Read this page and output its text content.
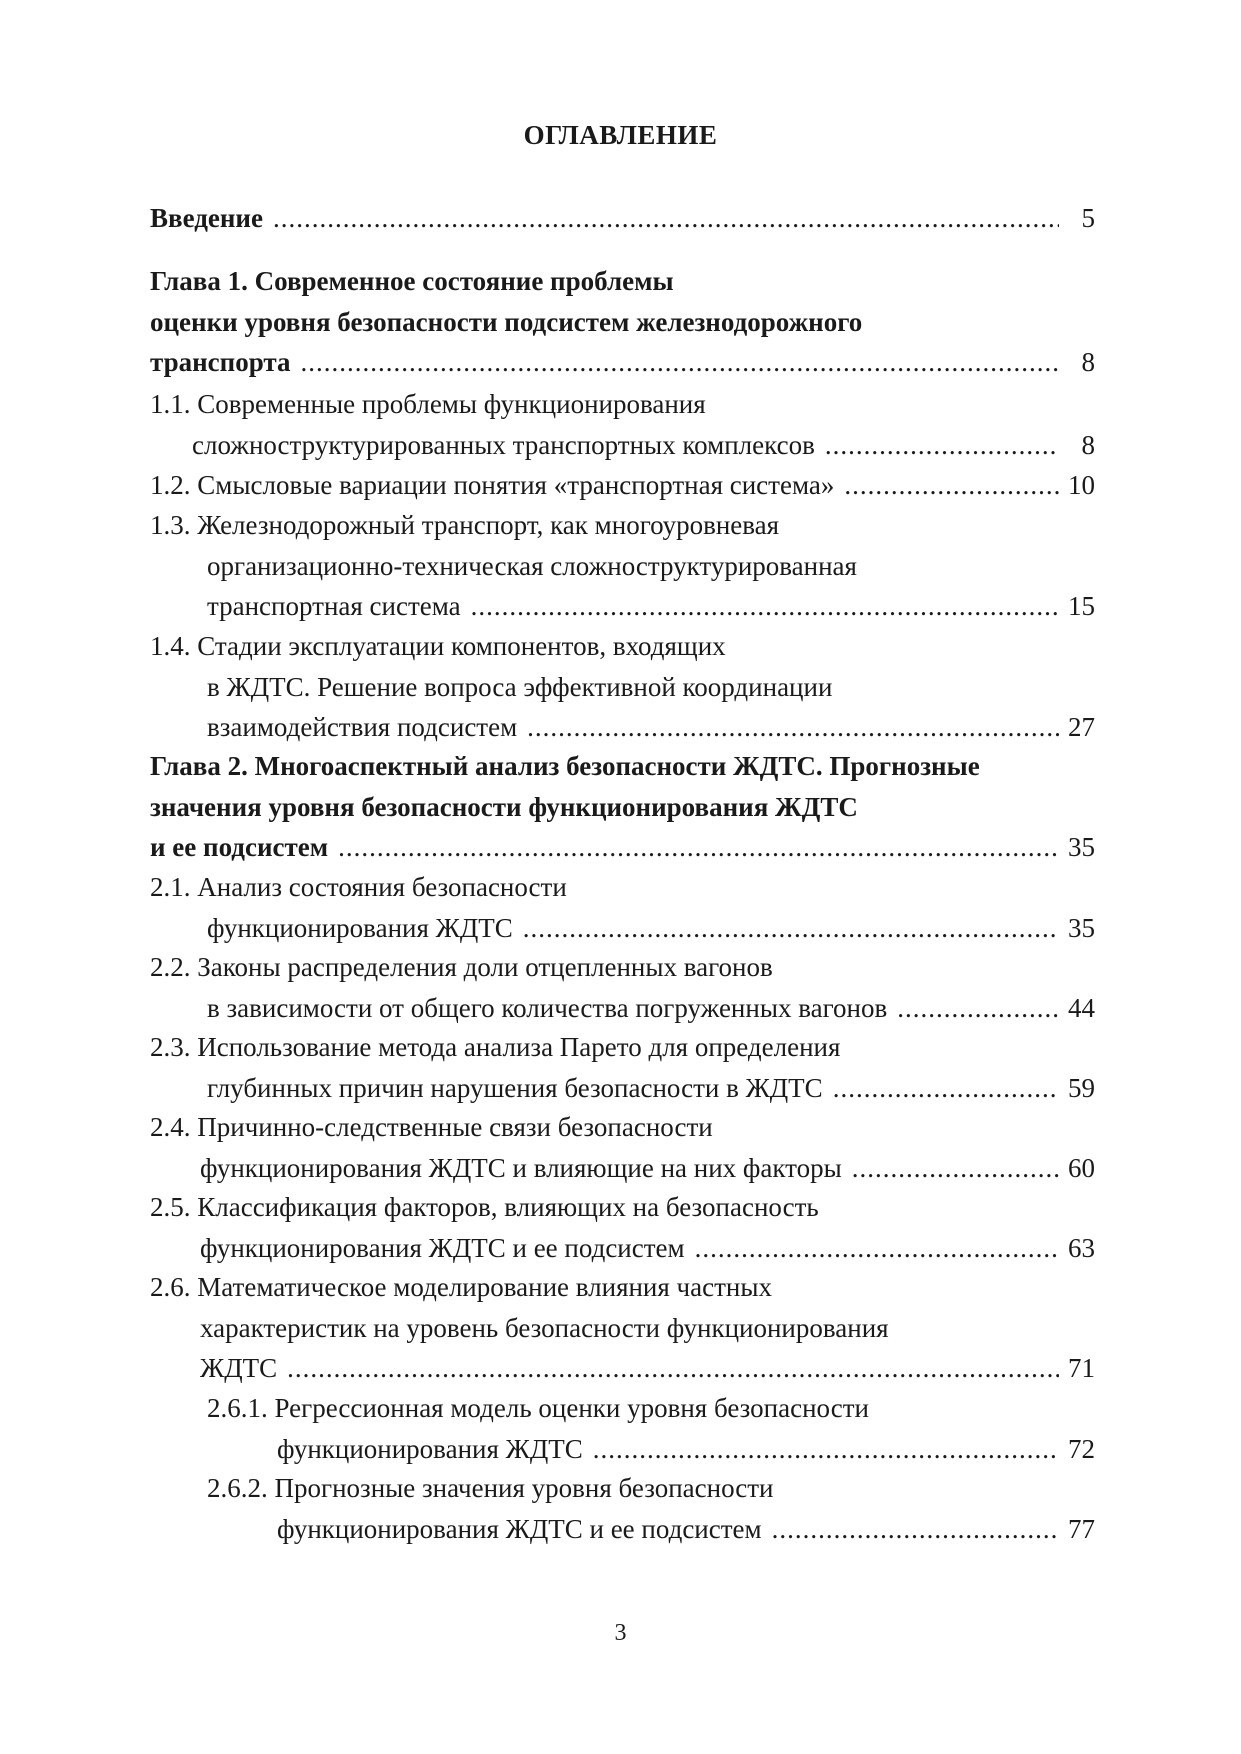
ОГЛАВЛЕНИЕ
Введение .....	5
Глава 1. Современное состояние проблемы
оценки уровня безопасности подсистем железнодорожного
транспорта .....	8
1.1. Современные проблемы функционирования
сложноструктурированных транспортных комплексов .....	8
1.2. Смысловые вариации понятия «транспортная система» .....	10
1.3. Железнодорожный транспорт, как многоуровневая
организационно-техническая сложноструктурированная
транспортная система .....	15
1.4. Стадии эксплуатации компонентов, входящих
в ЖДТС. Решение вопроса эффективной координации
взаимодействия подсистем .....	27
Глава 2. Многоаспектный анализ безопасности ЖДТС. Прогнозные
значения уровня безопасности функционирования ЖДТС
и ее подсистем .....	35
2.1. Анализ состояния безопасности
функционирования ЖДТС .....	35
2.2. Законы распределения доли отцепленных вагонов
в зависимости от общего количества погруженных вагонов .....	44
2.3. Использование метода анализа Парето для определения
глубинных причин нарушения безопасности в ЖДТС .....	59
2.4. Причинно-следственные связи безопасности
функционирования ЖДТС и влияющие на них факторы .....	60
2.5. Классификация факторов, влияющих на безопасность
функционирования ЖДТС и ее подсистем .....	63
2.6. Математическое моделирование влияния частных
характеристик на уровень безопасности функционирования
ЖДТС .....	71
2.6.1. Регрессионная модель оценки уровня безопасности
функционирования ЖДТС .....	72
2.6.2. Прогнозные значения уровня безопасности
функционирования ЖДТС и ее подсистем .....	77
3
